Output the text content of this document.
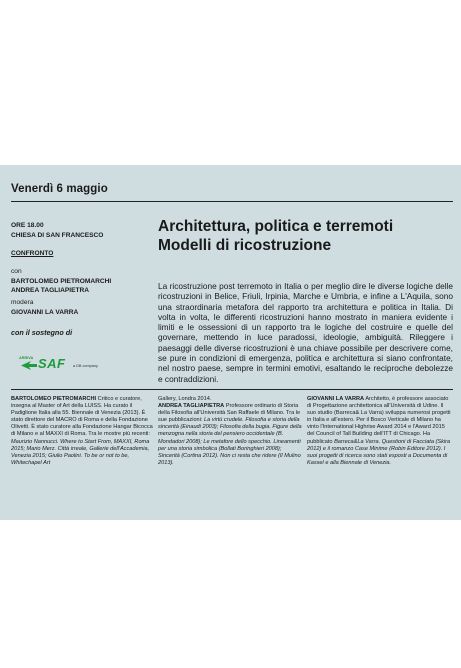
Venerdì 6 maggio
ORE 18.00
CHIESA DI SAN FRANCESCO
CONFRONTO
con
BARTOLOMEO PIETROMARCHI
ANDREA TAGLIAPIETRA
modera
GIOVANNI LA VARRA
con il sostegno di
ARRIVA SAF a DB company
Architettura, politica e terremoti
Modelli di ricostruzione
La ricostruzione post terremoto in Italia o per meglio dire le diverse logiche delle ricostruzioni in Belice, Friuli, Irpinia, Marche e Umbria, e infine a L'Aquila, sono una straordinaria metafora del rapporto tra architettura e politica in Italia. Di volta in volta, le differenti ricostruzioni hanno mostrato in maniera evidente i limiti e le ossessioni di un rapporto tra le logiche del costruire e quelle del governare, mettendo in luce paradossi, ideologie, ambiguità. Rileggere i paesaggi delle diverse ricostruzioni è una chiave possibile per descrivere come, se pure in condizioni di emergenza, politica e architettura si siano confrontate, nel nostro paese, sempre in termini emotivi, esaltando le reciproche debolezze e contraddizioni.

BARTOLOMEO PIETROMARCHI Critico e curatore, insegna al Master of Art della LUISS. Ha curato il Padiglione Italia alla 55. Biennale di Venezia (2013). È stato direttore del MACRO di Roma e della Fondazione Olivetti. È stato curatore alla Fondazione Hangar Bicocca di Milano e al MAXXI di Roma. Tra le mostre più recenti: Maurizio Nannucci. Where to Start From, MAXXI, Roma 2015; Mario Merz. Città irreale, Gallerie dell'Accademia, Venezia 2015; Giulio Paolini. To be or not to be, Whitechapel Art

Gallery, Londra 2014.

ANDREA TAGLIAPIETRA Professore ordinario di Storia della Filosofia all'Università San Raffaele di Milano. Tra le sue pubblicazioni: La virtù crudele. Filosofia e storia della sincerità (Einaudi 2003); Filosofia della bugia. Figure della menzogna nella storia del pensiero occidentale (B. Mondadori 2008); Le metafore dello specchio. Lineamenti per una storia simbolica (Bollati Boringhieri 2008); Sincerità (Cortina 2012). Non ci resta che ridere (Il Mulino 2013).

GIOVANNI LA VARRA Architetto, è professore associato di Progettazione architettonica all'Università di Udine. Il suo studio (Barreca& La Varra) sviluppa numerosi progetti in Italia e all'estero. Per il Bosco Verticale di Milano ha vinto l'International Highrise Award 2014 e l'Award 2015 del Council of Tall Building dell'ITT di Chicago. Ha pubblicato Barreca&La Varra. Questioni di Facciata (Skira 2012) e il romanzo Case Minime (Robin Editore 2012). I suoi progetti di ricerca sono stati esposti a Documenta di Kassel e alla Biennale di Venezia.
